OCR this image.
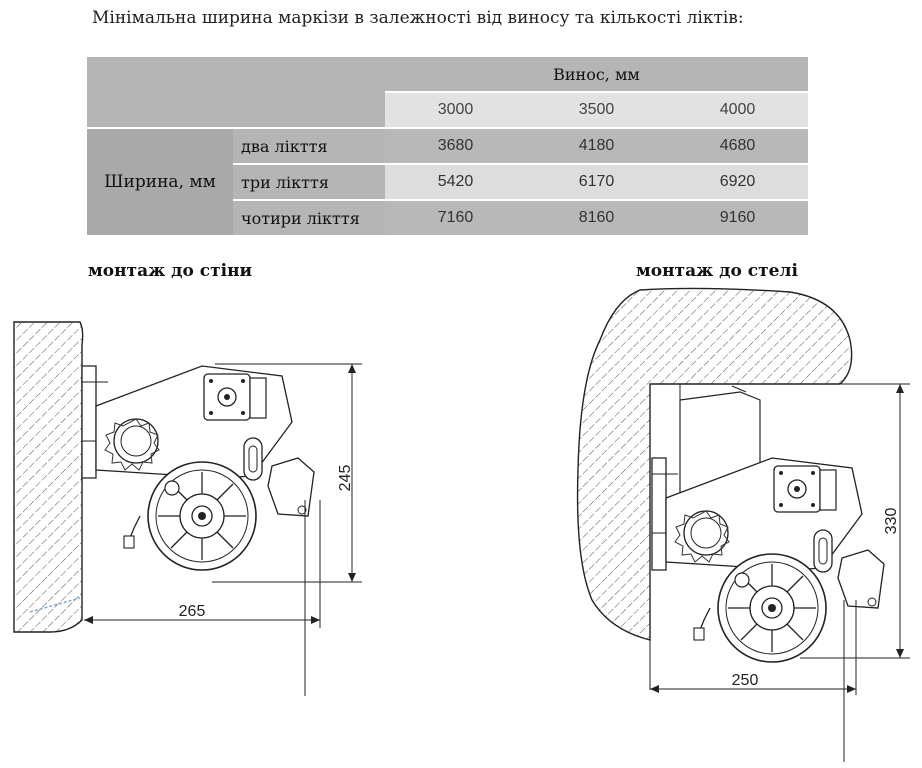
Мінімальна ширина маркізи в залежності від виносу та кількості ліктів:
		Винос, мм		
		3000	3500	4000
Ширина, мм	два лікття	3680	4180	4680
	три лікття	5420	6170	6920
	чотири лікття	7160	8160	9160
монтаж до стіни	монтаж до стелі
245
265
330
250
